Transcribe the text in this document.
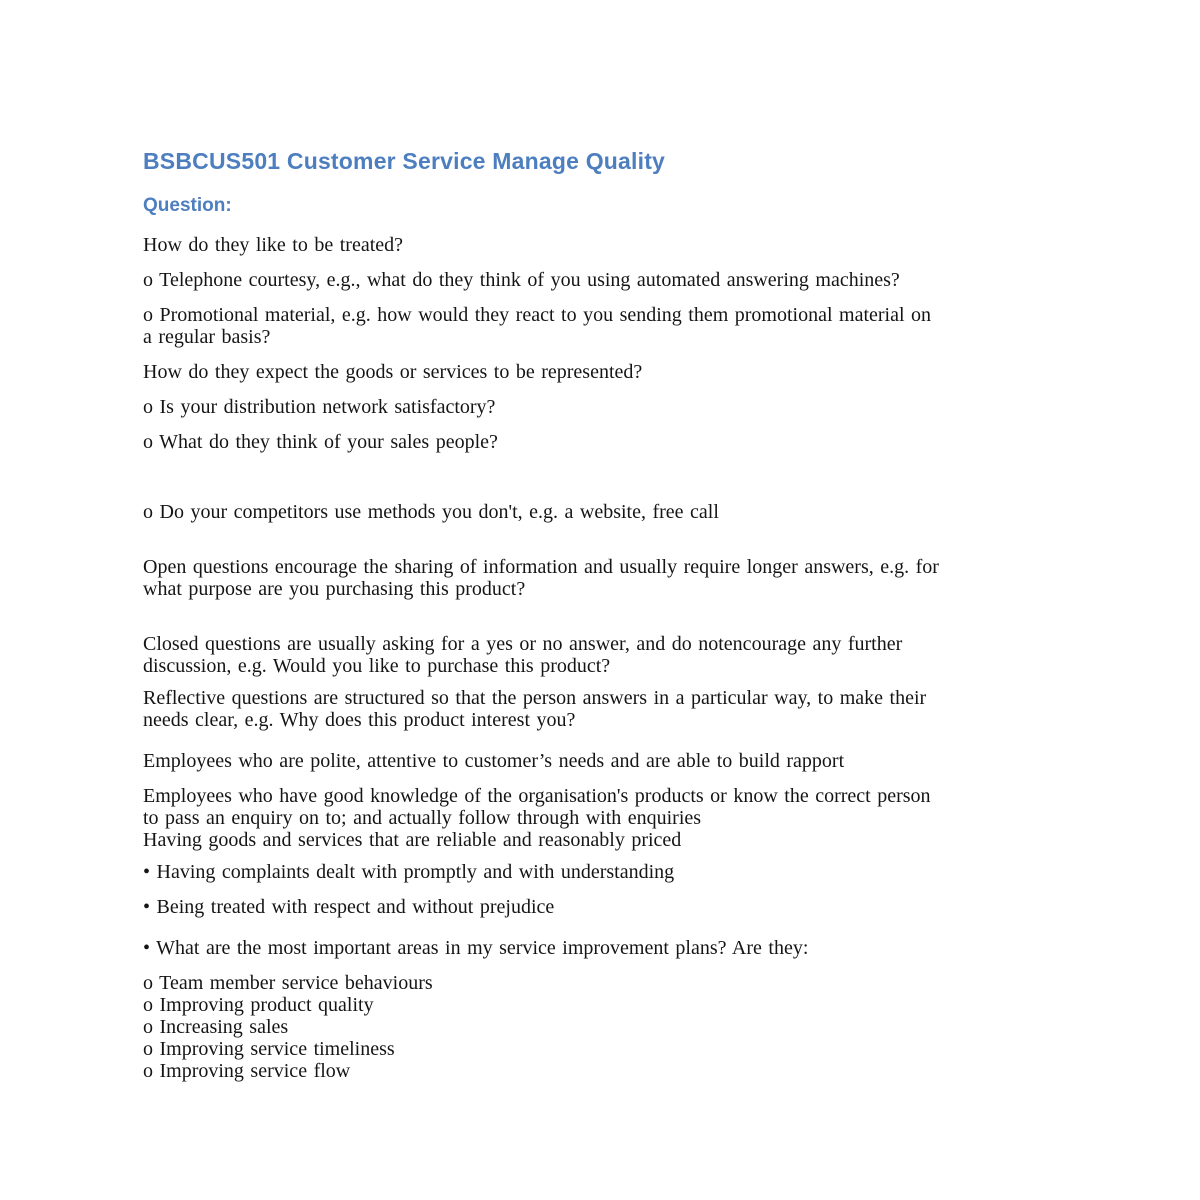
BSBCUS501 Customer Service Manage Quality
Question:
How do they like to be treated?
o Telephone courtesy, e.g., what do they think of you using automated answering machines?
o Promotional material, e.g. how would they react to you sending them promotional material on
a regular basis?
How do they expect the goods or services to be represented?
o Is your distribution network satisfactory?
o What do they think of your sales people?
o Do your competitors use methods you don't, e.g. a website, free call
Open questions encourage the sharing of information and usually require longer answers, e.g. for
what purpose are you purchasing this product?
Closed questions are usually asking for a yes or no answer, and do notencourage any further
discussion, e.g. Would you like to purchase this product?
Reflective questions are structured so that the person answers in a particular way, to make their
needs clear, e.g. Why does this product interest you?
Employees who are polite, attentive to customer’s needs and are able to build rapport
Employees who have good knowledge of the organisation's products or know the correct person
to pass an enquiry on to; and actually follow through with enquiries
Having goods and services that are reliable and reasonably priced
• Having complaints dealt with promptly and with understanding
• Being treated with respect and without prejudice
• What are the most important areas in my service improvement plans? Are they:
o Team member service behaviours
o Improving product quality
o Increasing sales
o Improving service timeliness
o Improving service flow
